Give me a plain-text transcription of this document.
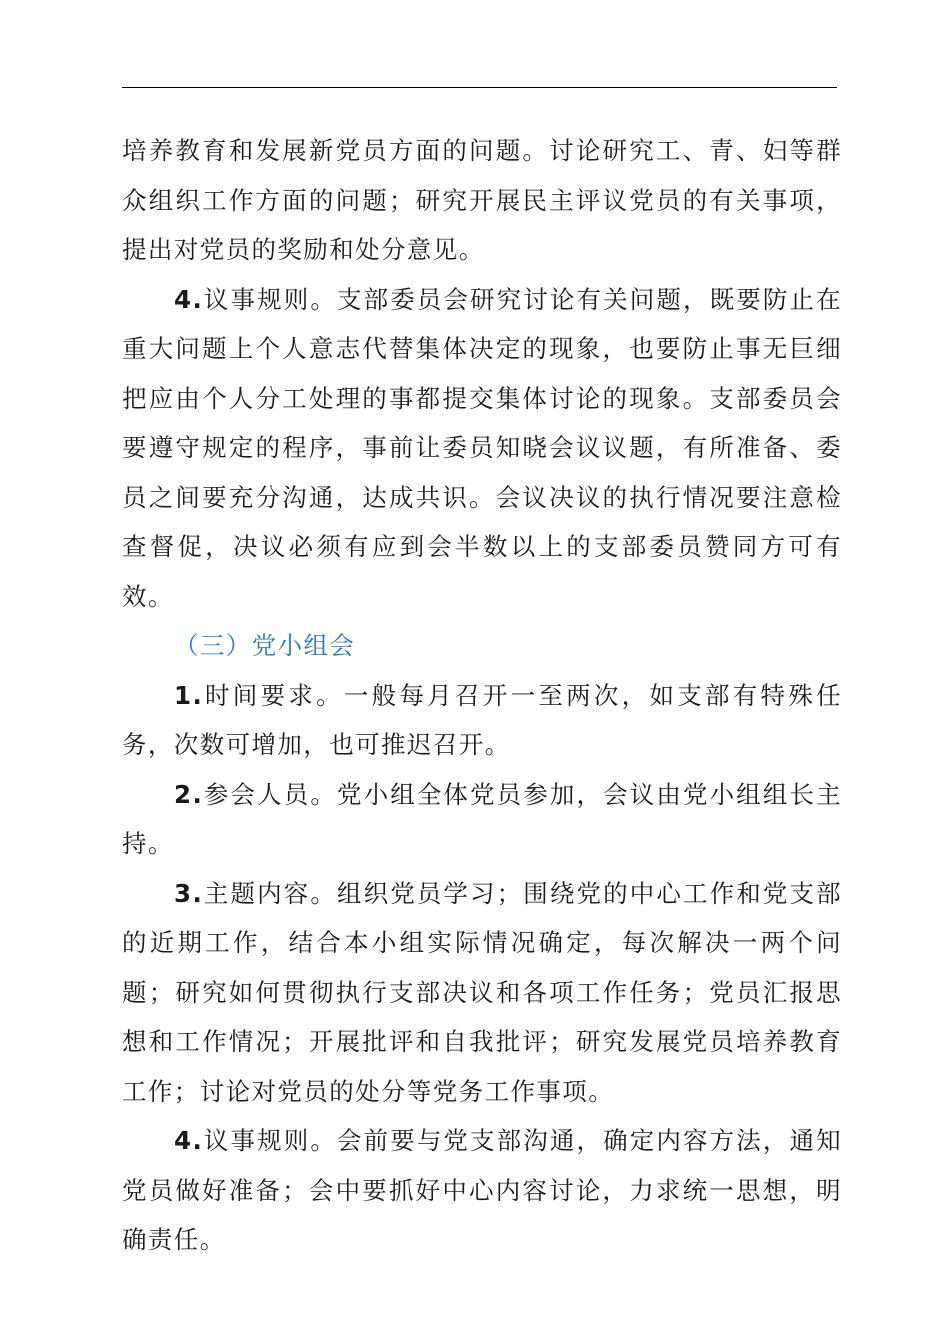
培养教育和发展新党员方面的问题。讨论研究工、青、妇等群众组织工作方面的问题；研究开展民主评议党员的有关事项，提出对党员的奖励和处分意见。

4.议事规则。支部委员会研究讨论有关问题，既要防止在重大问题上个人意志代替集体决定的现象，也要防止事无巨细把应由个人分工处理的事都提交集体讨论的现象。支部委员会要遵守规定的程序，事前让委员知晓会议议题，有所准备、委员之间要充分沟通，达成共识。会议决议的执行情况要注意检查督促，决议必须有应到会半数以上的支部委员赞同方可有效。

（三）党小组会

1.时间要求。一般每月召开一至两次，如支部有特殊任务，次数可增加，也可推迟召开。

2.参会人员。党小组全体党员参加，会议由党小组组长主持。

3.主题内容。组织党员学习；围绕党的中心工作和党支部的近期工作，结合本小组实际情况确定，每次解决一两个问题；研究如何贯彻执行支部决议和各项工作任务；党员汇报思想和工作情况；开展批评和自我批评；研究发展党员培养教育工作；讨论对党员的处分等党务工作事项。

4.议事规则。会前要与党支部沟通，确定内容方法，通知党员做好准备；会中要抓好中心内容讨论，力求统一思想，明确责任。
